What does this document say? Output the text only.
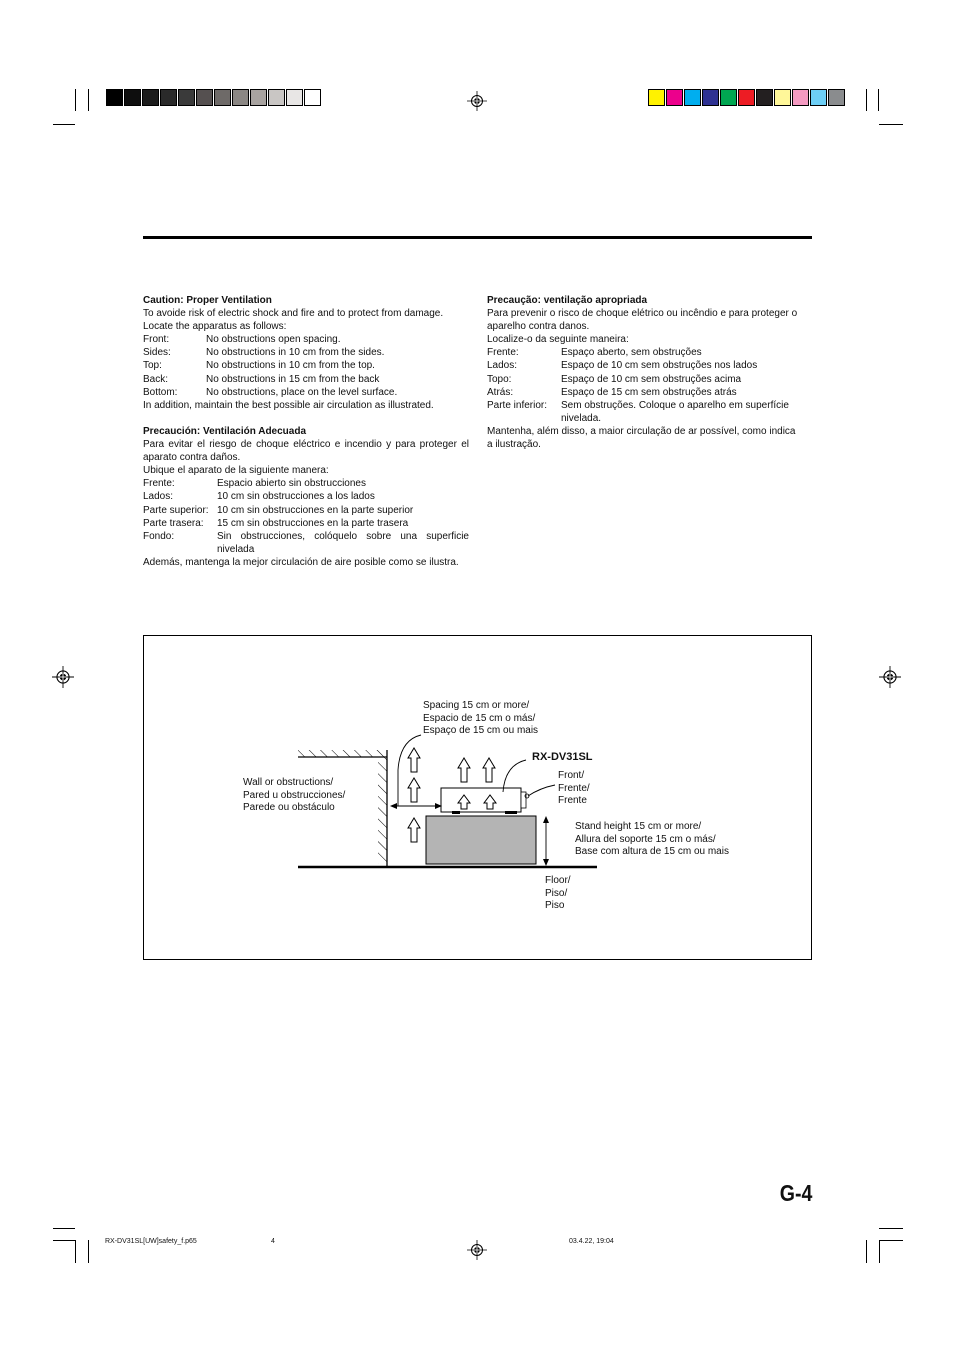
Caution: Proper Ventilation

To avoide risk of electric shock and fire and to protect from damage.

Locate the apparatus as follows:

Front:	No obstructions open spacing.
Sides:	No obstructions in 10 cm from the sides.
Top:	No obstructions in 10 cm from the top.
Back:	No obstructions in 15 cm from the back
Bottom:	No obstructions, place on the level surface.

In addition, maintain the best possible air circulation as illustrated.

Precaución: Ventilación Adecuada

Para evitar el riesgo de choque eléctrico e incendio y para proteger el aparato contra daños.

Ubique el aparato de la siguiente manera:

Frente:	Espacio abierto sin obstrucciones
Lados:	10 cm sin obstrucciones a los lados
Parte superior: 10 cm sin obstrucciones en la parte superior
Parte trasera:	15 cm sin obstrucciones en la parte trasera
Fondo:	Sin obstrucciones, colóquelo sobre una superficie nivelada

Además, mantenga la mejor circulación de aire posible como se ilustra.

Precaução: ventilação apropriada

Para prevenir o risco de choque elétrico ou incêndio e para proteger o aparelho contra danos.

Localize-o da seguinte maneira:

Frente:	Espaço aberto, sem obstruções
Lados:	Espaço de 10 cm sem obstruções nos lados
Topo:	Espaço de 10 cm sem obstruções acima
Atrás:	Espaço de 15 cm sem obstruções atrás
Parte inferior:	Sem obstruções. Coloque o aparelho em superfície nivelada.

Mantenha, além disso, a maior circulação de ar possível, como indica a ilustração.

Spacing 15 cm or more/
Espacio de 15 cm o más/
Espaço de 15 cm ou mais
RX-DV31SL
Wall or obstructions/
Pared u obstrucciones/
Parede ou obstáculo
Front/
Frente/
Frente
Stand height 15 cm or more/
Allura del soporte 15 cm o más/
Base com altura de 15 cm ou mais
Floor/
Piso/
Piso
G-4
RX-DV31SL[UW]safety_f.p65	4	03.4.22, 19:04
